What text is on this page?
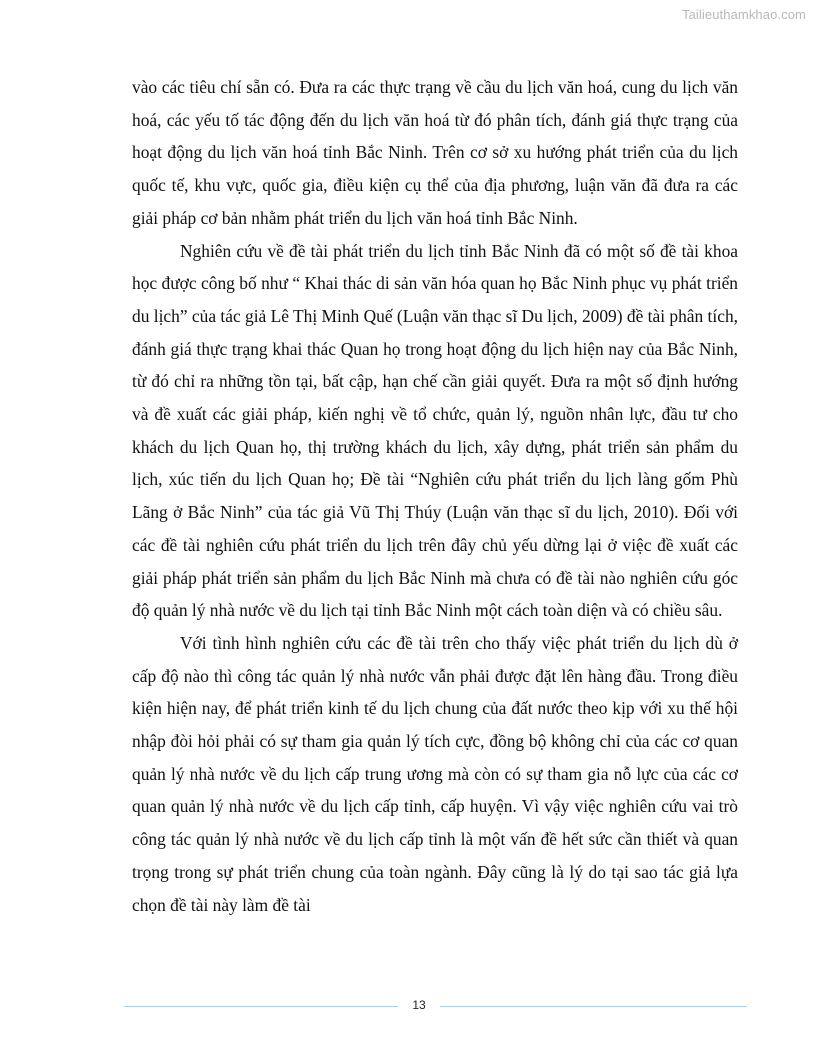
Tailieuthamkhao.com

vào các tiêu chí sẵn có. Đưa ra các thực trạng về cầu du lịch văn hoá, cung du lịch văn hoá, các yếu tố tác động đến du lịch văn hoá từ đó phân tích, đánh giá thực trạng của hoạt động du lịch văn hoá tỉnh Bắc Ninh. Trên cơ sở xu hướng phát triển của du lịch quốc tế, khu vực, quốc gia, điều kiện cụ thể của địa phương, luận văn đã đưa ra các giải pháp cơ bản nhằm phát triển du lịch văn hoá tỉnh Bắc Ninh.

Nghiên cứu về đề tài phát triển du lịch tỉnh Bắc Ninh đã có một số đề tài khoa học được công bố như “ Khai thác di sản văn hóa quan họ Bắc Ninh phục vụ phát triển du lịch” của tác giả Lê Thị Minh Quế (Luận văn thạc sĩ Du lịch, 2009) đề tài phân tích, đánh giá thực trạng khai thác Quan họ trong hoạt động du lịch hiện nay của Bắc Ninh, từ đó chỉ ra những tồn tại, bất cập, hạn chế cần giải quyết. Đưa ra một số định hướng và đề xuất các giải pháp, kiến nghị về tổ chức, quản lý, nguồn nhân lực, đầu tư cho khách du lịch Quan họ, thị trường khách du lịch, xây dựng, phát triển sản phẩm du lịch, xúc tiến du lịch Quan họ; Đề tài “Nghiên cứu phát triển du lịch làng gốm Phù Lãng ở Bắc Ninh” của tác giả Vũ Thị Thúy (Luận văn thạc sĩ du lịch, 2010). Đối với các đề tài nghiên cứu phát triển du lịch trên đây chủ yếu dừng lại ở việc đề xuất các giải pháp phát triển sản phẩm du lịch Bắc Ninh mà chưa có đề tài nào nghiên cứu góc độ quản lý nhà nước về du lịch tại tỉnh Bắc Ninh một cách toàn diện và có chiều sâu.

Với tình hình nghiên cứu các đề tài trên cho thấy việc phát triển du lịch dù ở cấp độ nào thì công tác quản lý nhà nước vẫn phải được đặt lên hàng đầu. Trong điều kiện hiện nay, để phát triển kinh tế du lịch chung của đất nước theo kịp với xu thế hội nhập đòi hỏi phải có sự tham gia quản lý tích cực, đồng bộ không chỉ của các cơ quan quản lý nhà nước về du lịch cấp trung ương mà còn có sự tham gia nỗ lực của các cơ quan quản lý nhà nước về du lịch cấp tỉnh, cấp huyện. Vì vậy việc nghiên cứu vai trò công tác quản lý nhà nước về du lịch cấp tỉnh là một vấn đề hết sức cần thiết và quan trọng trong sự phát triển chung của toàn ngành. Đây cũng là lý do tại sao tác giả lựa chọn đề tài này làm đề tài

13
